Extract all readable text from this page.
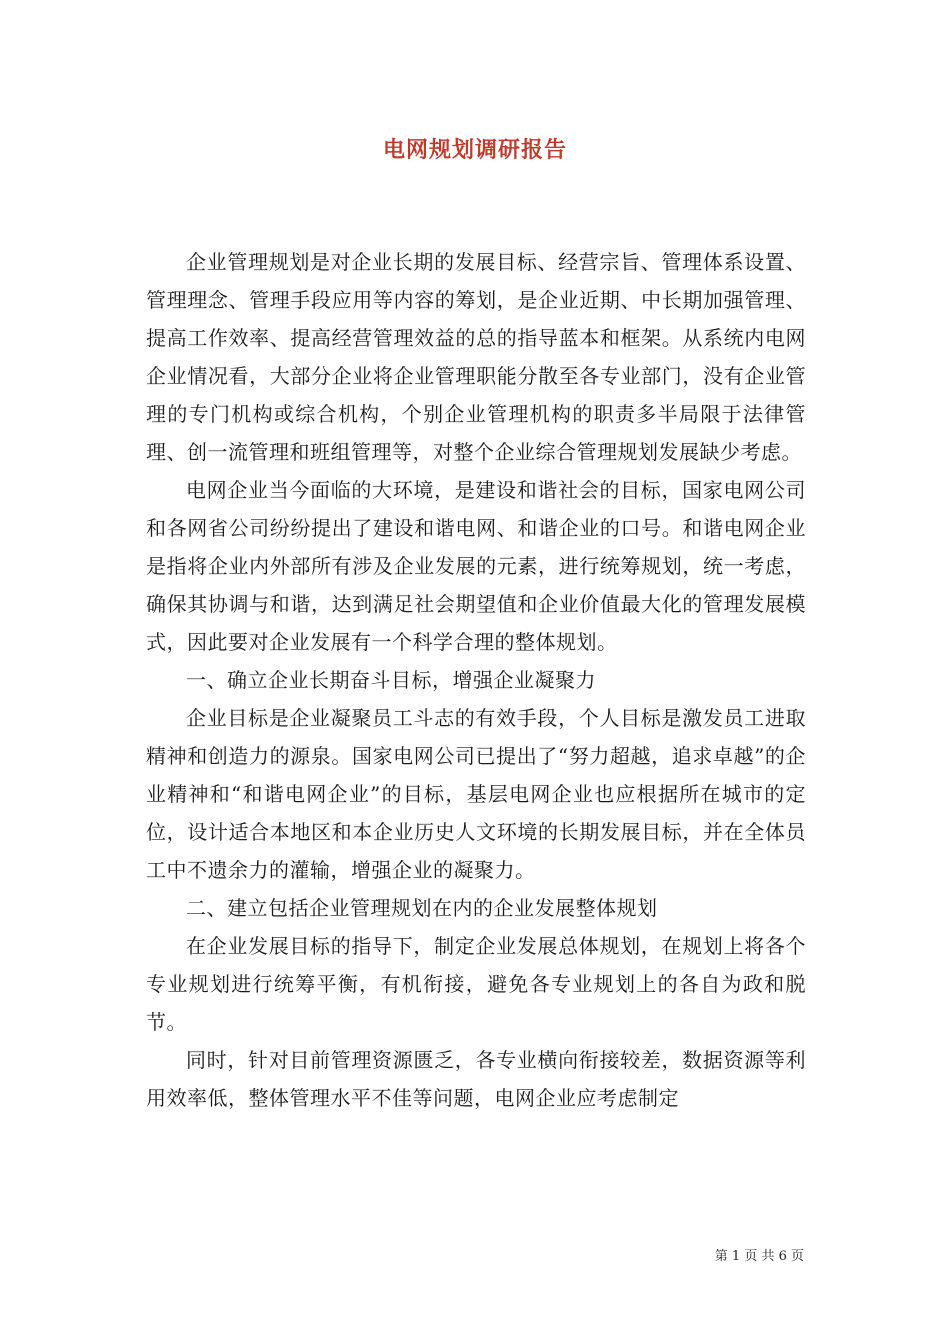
电网规划调研报告

企业管理规划是对企业长期的发展目标、经营宗旨、管理体系设置、管理理念、管理手段应用等内容的筹划，是企业近期、中长期加强管理、提高工作效率、提高经营管理效益的总的指导蓝本和框架。从系统内电网企业情况看，大部分企业将企业管理职能分散至各专业部门，没有企业管理的专门机构或综合机构，个别企业管理机构的职责多半局限于法律管理、创一流管理和班组管理等，对整个企业综合管理规划发展缺少考虑。

电网企业当今面临的大环境，是建设和谐社会的目标，国家电网公司和各网省公司纷纷提出了建设和谐电网、和谐企业的口号。和谐电网企业是指将企业内外部所有涉及企业发展的元素，进行统筹规划，统一考虑，确保其协调与和谐，达到满足社会期望值和企业价值最大化的管理发展模式，因此要对企业发展有一个科学合理的整体规划。

一、确立企业长期奋斗目标，增强企业凝聚力

企业目标是企业凝聚员工斗志的有效手段，个人目标是激发员工进取精神和创造力的源泉。国家电网公司已提出了“努力超越，追求卓越”的企业精神和“和谐电网企业”的目标，基层电网企业也应根据所在城市的定位，设计适合本地区和本企业历史人文环境的长期发展目标，并在全体员工中不遗余力的灌输，增强企业的凝聚力。

二、建立包括企业管理规划在内的企业发展整体规划

在企业发展目标的指导下，制定企业发展总体规划，在规划上将各个专业规划进行统筹平衡，有机衔接，避免各专业规划上的各自为政和脱节。

同时，针对目前管理资源匮乏，各专业横向衔接较差，数据资源等利用效率低，整体管理水平不佳等问题，电网企业应考虑制定

第 1 页 共 6 页
